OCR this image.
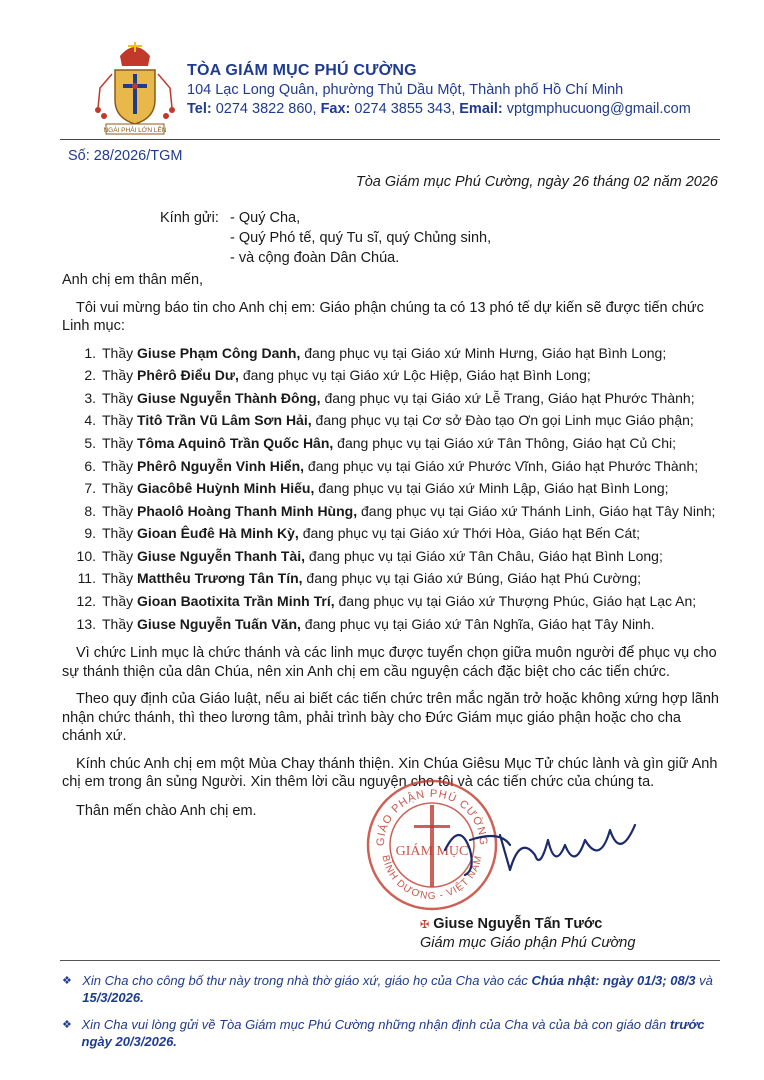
NGÀI PHẢI LỚN LÊN
TÒA GIÁM MỤC PHÚ CƯỜNG
104 Lạc Long Quân, phường Thủ Dầu Một, Thành phố Hồ Chí Minh
Tel: 0274 3822 860, Fax: 0274 3855 343, Email: vptgmphucuong@gmail.com
Số: 28/2026/TGM
Tòa Giám mục Phú Cường, ngày 26 tháng 02 năm 2026
Kính gửi: - Quý Cha,
- Quý Phó tế, quý Tu sĩ, quý Chủng sinh,
- và cộng đoàn Dân Chúa.

Anh chị em thân mến,

Tôi vui mừng báo tin cho Anh chị em: Giáo phận chúng ta có 13 phó tế dự kiến sẽ được tiến chức Linh mục:

1. Thầy Giuse Phạm Công Danh, đang phục vụ tại Giáo xứ Minh Hưng, Giáo hạt Bình Long;
2. Thầy Phêrô Điểu Dư, đang phục vụ tại Giáo xứ Lộc Hiệp, Giáo hạt Bình Long;
3. Thầy Giuse Nguyễn Thành Đông, đang phục vụ tại Giáo xứ Lễ Trang, Giáo hạt Phước Thành;
4. Thầy Titô Trần Vũ Lâm Sơn Hải, đang phục vụ tại Cơ sở Đào tạo Ơn gọi Linh mục Giáo phận;
5. Thầy Tôma Aquinô Trần Quốc Hân, đang phục vụ tại Giáo xứ Tân Thông, Giáo hạt Củ Chi;
6. Thầy Phêrô Nguyễn Vinh Hiển, đang phục vụ tại Giáo xứ Phước Vĩnh, Giáo hạt Phước Thành;
7. Thầy Giacôbê Huỳnh Minh Hiếu, đang phục vụ tại Giáo xứ Minh Lập, Giáo hạt Bình Long;
8. Thầy Phaolô Hoàng Thanh Minh Hùng, đang phục vụ tại Giáo xứ Thánh Linh, Giáo hạt Tây Ninh;
9. Thầy Gioan Êuđê Hà Minh Kỳ, đang phục vụ tại Giáo xứ Thới Hòa, Giáo hạt Bến Cát;
10. Thầy Giuse Nguyễn Thanh Tài, đang phục vụ tại Giáo xứ Tân Châu, Giáo hạt Bình Long;
11. Thầy Matthêu Trương Tân Tín, đang phục vụ tại Giáo xứ Búng, Giáo hạt Phú Cường;
12. Thầy Gioan Baotixita Trần Minh Trí, đang phục vụ tại Giáo xứ Thượng Phúc, Giáo hạt Lạc An;
13. Thầy Giuse Nguyễn Tuấn Văn, đang phục vụ tại Giáo xứ Tân Nghĩa, Giáo hạt Tây Ninh.

Vì chức Linh mục là chức thánh và các linh mục được tuyển chọn giữa muôn người để phục vụ cho sự thánh thiện của dân Chúa, nên xin Anh chị em cầu nguyện cách đặc biệt cho các tiến chức.

Theo quy định của Giáo luật, nếu ai biết các tiến chức trên mắc ngăn trở hoặc không xứng hợp lãnh nhận chức thánh, thì theo lương tâm, phải trình bày cho Đức Giám mục giáo phận hoặc cho cha chánh xứ.

Kính chúc Anh chị em một Mùa Chay thánh thiện. Xin Chúa Giêsu Mục Tử chúc lành và gìn giữ Anh chị em trong ân sủng Người. Xin thêm lời cầu nguyện cho tôi và các tiến chức của chúng ta.

Thân mến chào Anh chị em.

GIÁO PHẬN PHÚ CƯỜNG
BÌNH DƯƠNG - VIỆT NAM
GIÁM MỤC
✠ Giuse Nguyễn Tấn Tước
Giám mục Giáo phận Phú Cường
❖ Xin Cha cho công bố thư này trong nhà thờ giáo xứ, giáo họ của Cha vào các Chúa nhật: ngày 01/3; 08/3 và 15/3/2026.
❖ Xin Cha vui lòng gửi về Tòa Giám mục Phú Cường những nhận định của Cha và của bà con giáo dân trước ngày 20/3/2026.
